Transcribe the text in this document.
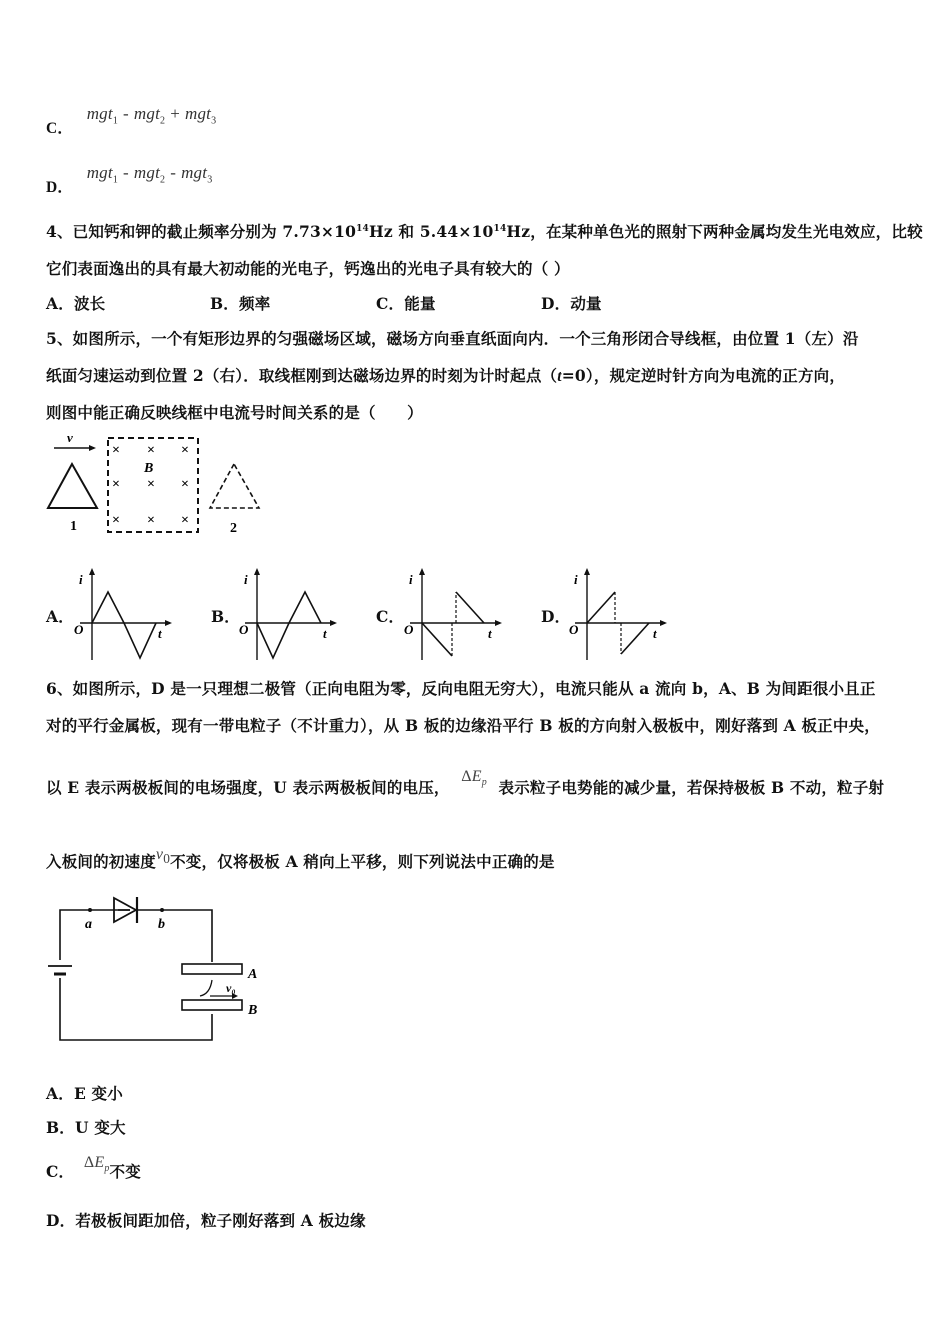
C． mgt$_1$ - mgt$_2$ + mgt$_3$
D． mgt$_1$ - mgt$_2$ - mgt$_3$
4、已知钙和钾的截止频率分别为 $7.73\times 10^{14}Hz$ 和 $5.44\times 10^{14}Hz$，在某种单色光的照射下两种金属均发生光电效应，比较
它们表面逸出的具有最大初动能的光电子，钙逸出的光电子具有较大的（ ）
A．波长	B．频率	C．能量	D．动量
5、如图所示，一个有矩形边界的匀强磁场区域，磁场方向垂直纸面向内．一个三角形闭合导线框，由位置 1（左）沿
纸面匀速运动到位置 2（右）．取线框刚到达磁场边界的时刻为计时起点（t=0），规定逆时针方向为电流的正方向，
则图中能正确反映线框中电流号时间关系的是（　　）
v
1
× × ×
× × ×
× × ×
B
2
A．
i
O	t
B．
i
O	t
C．
i
O	t
D．
i
O	t
6、如图所示，D 是一只理想二极管（正向电阻为零，反向电阻无穷大），电流只能从 a 流向 b，A、B 为间距很小且正
对的平行金属板，现有一带电粒子（不计重力），从 B 板的边缘沿平行 B 板的方向射入极板中，刚好落到 A 板正中央，
以 E 表示两极板间的电场强度，U 表示两极板间的电压， $\Delta E_p$ 表示粒子电势能的减少量，若保持极板 B 不动，粒子射
入板间的初速度$v_0$不变，仅将极板 A 稍向上平移，则下列说法中正确的是
a	b
A
B
v₀
A．E 变小
B．U 变大
C． $\Delta E_p$不变
D．若极板间距加倍，粒子刚好落到 A 板边缘
